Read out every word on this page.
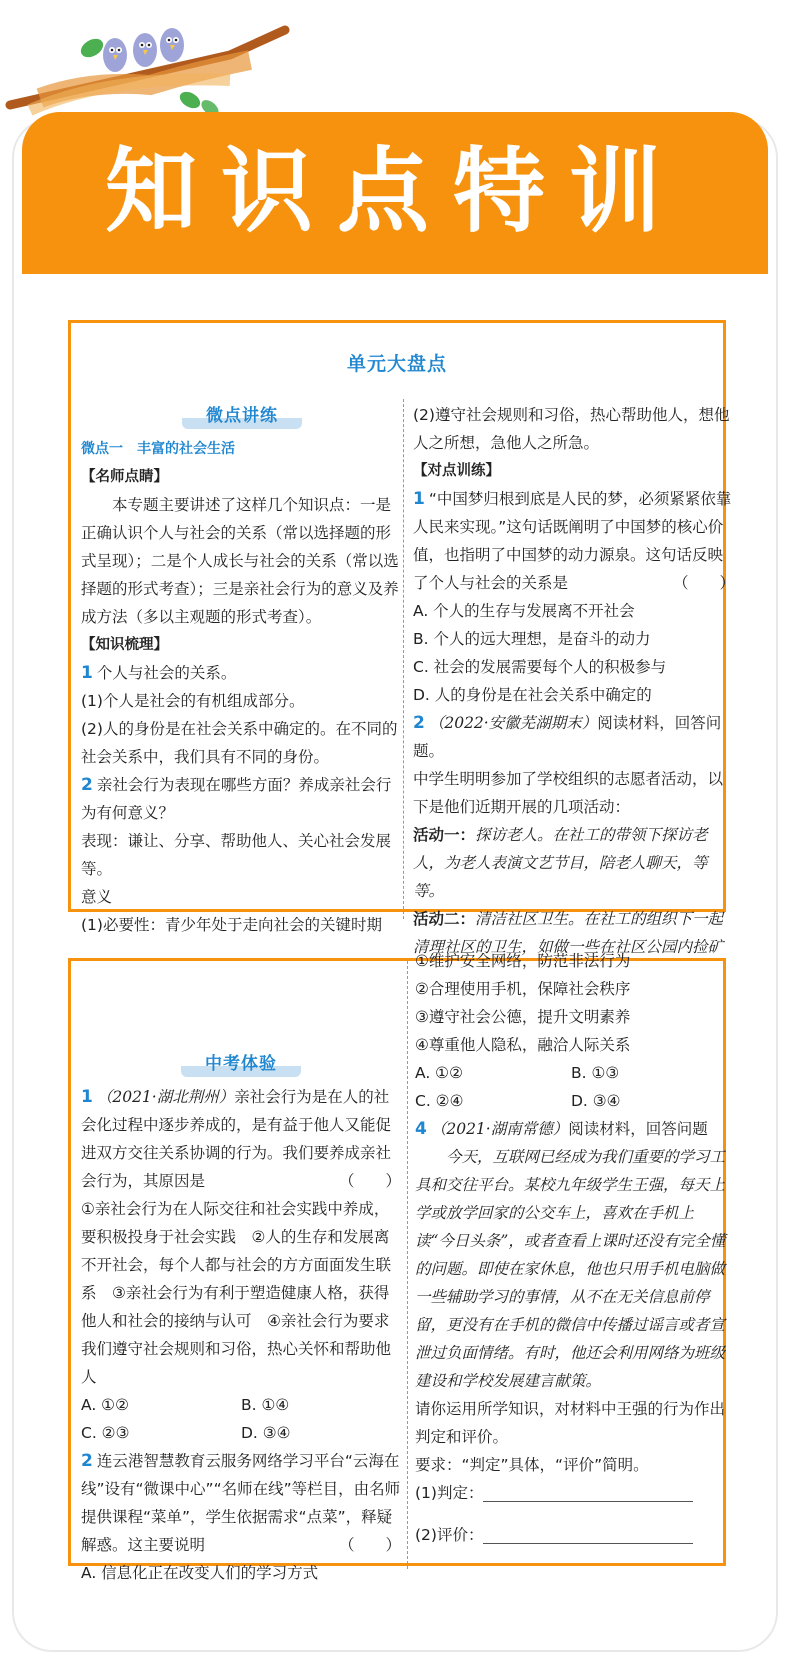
知识点特训
单元大盘点
微点讲练

微点一　丰富的社会生活

【名师点睛】

本专题主要讲述了这样几个知识点：一是正确认识个人与社会的关系（常以选择题的形式呈现）；二是个人成长与社会的关系（常以选择题的形式考查）；三是亲社会行为的意义及养成方法（多以主观题的形式考查）。

【知识梳理】

1 个人与社会的关系。

(1)个人是社会的有机组成部分。

(2)人的身份是在社会关系中确定的。在不同的社会关系中，我们具有不同的身份。

2 亲社会行为表现在哪些方面？养成亲社会行为有何意义？

表现：谦让、分享、帮助他人、关心社会发展等。

意义

(1)必要性：青少年处于走向社会的关键时期

(2)遵守社会规则和习俗，热心帮助他人，想他人之所想，急他人之所急。

【对点训练】

1 “中国梦归根到底是人民的梦，必须紧紧依靠人民来实现。”这句话既阐明了中国梦的核心价值，也指明了中国梦的动力源泉。这句话反映了个人与社会的关系是	（　　）

A. 个人的生存与发展离不开社会

B. 个人的远大理想，是奋斗的动力

C. 社会的发展需要每个人的积极参与

D. 人的身份是在社会关系中确定的

2 （2022·安徽芜湖期末）阅读材料，回答问题。

中学生明明参加了学校组织的志愿者活动，以下是他们近期开展的几项活动：

活动一：探访老人。在社工的带领下探访老人，为老人表演文艺节目，陪老人聊天，等等。

活动二：清洁社区卫生。在社工的组织下一起清理社区的卫生，如做一些在社区公园内捡矿

中考体验

1 （2021·湖北荆州）亲社会行为是在人的社会化过程中逐步养成的，是有益于他人又能促进双方交往关系协调的行为。我们要养成亲社会行为，其原因是	（　　）

①亲社会行为在人际交往和社会实践中养成，要积极投身于社会实践　②人的生存和发展离不开社会，每个人都与社会的方方面面发生联系　③亲社会行为有利于塑造健康人格，获得他人和社会的接纳与认可　④亲社会行为要求我们遵守社会规则和习俗，热心关怀和帮助他人

A. ①②	B. ①④
C. ②③	D. ③④

2 连云港智慧教育云服务网络学习平台“云海在线”设有“微课中心”“名师在线”等栏目，由名师提供课程“菜单”，学生依据需求“点菜”，释疑解惑。这主要说明	（　　）

A. 信息化正在改变人们的学习方式

①维护安全网络，防范非法行为

②合理使用手机，保障社会秩序

③遵守社会公德，提升文明素养

④尊重他人隐私，融洽人际关系

A. ①②	B. ①③
C. ②④	D. ③④

4 （2021·湖南常德）阅读材料，回答问题

今天，互联网已经成为我们重要的学习工具和交往平台。某校九年级学生王强，每天上学或放学回家的公交车上，喜欢在手机上读“今日头条”，或者查看上课时还没有完全懂的问题。即使在家休息，他也只用手机电脑做一些辅助学习的事情，从不在无关信息前停留，更没有在手机的微信中传播过谣言或者宣泄过负面情绪。有时，他还会利用网络为班级建设和学校发展建言献策。

请你运用所学知识，对材料中王强的行为作出判定和评价。

要求：“判定”具体，“评价”简明。

(1)判定：

(2)评价：
